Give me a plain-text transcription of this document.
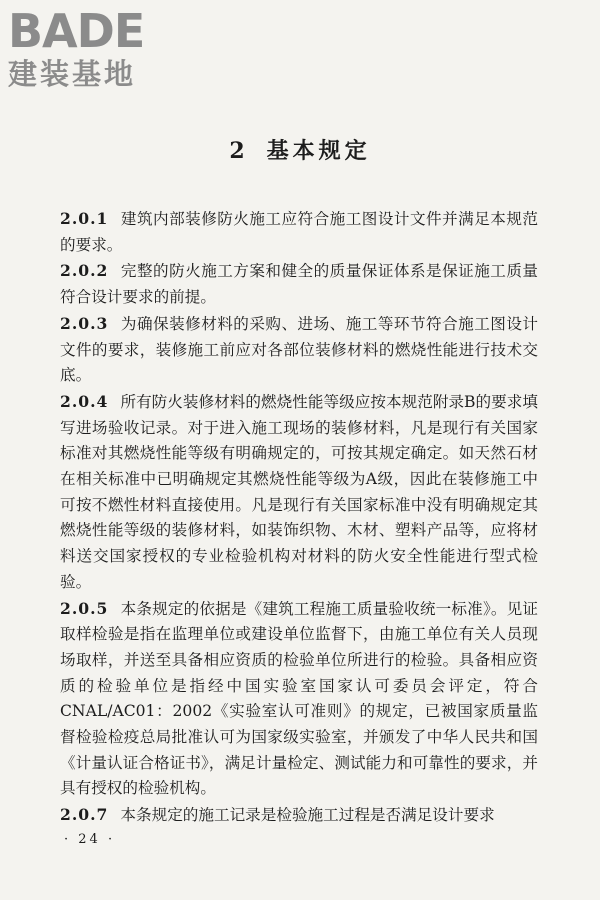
BADE
建装基地
2 基本规定

2.0.1 建筑内部装修防火施工应符合施工图设计文件并满足本规范的要求。

2.0.2 完整的防火施工方案和健全的质量保证体系是保证施工质量符合设计要求的前提。

2.0.3 为确保装修材料的采购、进场、施工等环节符合施工图设计文件的要求，装修施工前应对各部位装修材料的燃烧性能进行技术交底。

2.0.4 所有防火装修材料的燃烧性能等级应按本规范附录B的要求填写进场验收记录。对于进入施工现场的装修材料，凡是现行有关国家标准对其燃烧性能等级有明确规定的，可按其规定确定。如天然石材在相关标准中已明确规定其燃烧性能等级为A级，因此在装修施工中可按不燃性材料直接使用。凡是现行有关国家标准中没有明确规定其燃烧性能等级的装修材料，如装饰织物、木材、塑料产品等，应将材料送交国家授权的专业检验机构对材料的防火安全性能进行型式检验。

2.0.5 本条规定的依据是《建筑工程施工质量验收统一标准》。见证取样检验是指在监理单位或建设单位监督下，由施工单位有关人员现场取样，并送至具备相应资质的检验单位所进行的检验。具备相应资质的检验单位是指经中国实验室国家认可委员会评定，符合CNAL/AC01：2002《实验室认可准则》的规定，已被国家质量监督检验检疫总局批准认可为国家级实验室，并颁发了中华人民共和国《计量认证合格证书》，满足计量检定、测试能力和可靠性的要求，并具有授权的检验机构。

2.0.7 本条规定的施工记录是检验施工过程是否满足设计要求

· 24 ·
